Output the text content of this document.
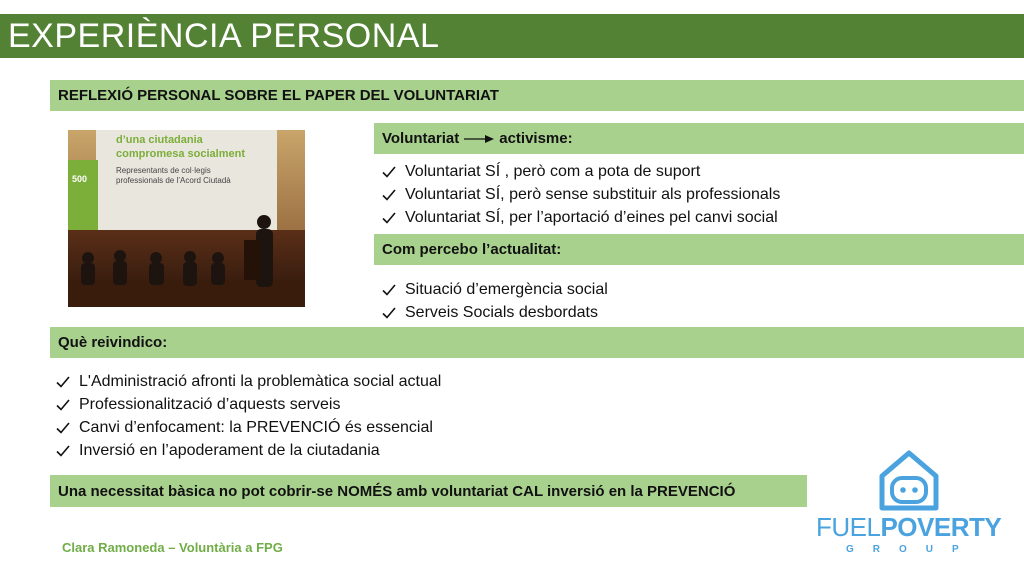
EXPERIÈNCIA PERSONAL
REFLEXIÓ PERSONAL SOBRE EL PAPER DEL VOLUNTARIAT
d’una ciutadania
compromesa socialment
Representants de col·legis
professionals de l’Acord Ciutadà
500
Voluntariat	activisme:
Voluntariat SÍ , però com a pota de suport
Voluntariat SÍ, però sense substituir als professionals
Voluntariat SÍ, per l’aportació d’eines pel canvi social
Com percebo l’actualitat:
Situació d’emergència social
Serveis Socials desbordats
Què reivindico:
L'Administració afronti la problemàtica social actual
Professionalització d’aquests serveis
Canvi d’enfocament: la PREVENCIÓ és essencial
Inversió en l’apoderament de la ciutadania
Una necessitat bàsica no pot cobrir-se NOMÉS amb voluntariat CAL inversió en la PREVENCIÓ
Clara Ramoneda – Voluntària a FPG
FUELPOVERTY
GROUP
